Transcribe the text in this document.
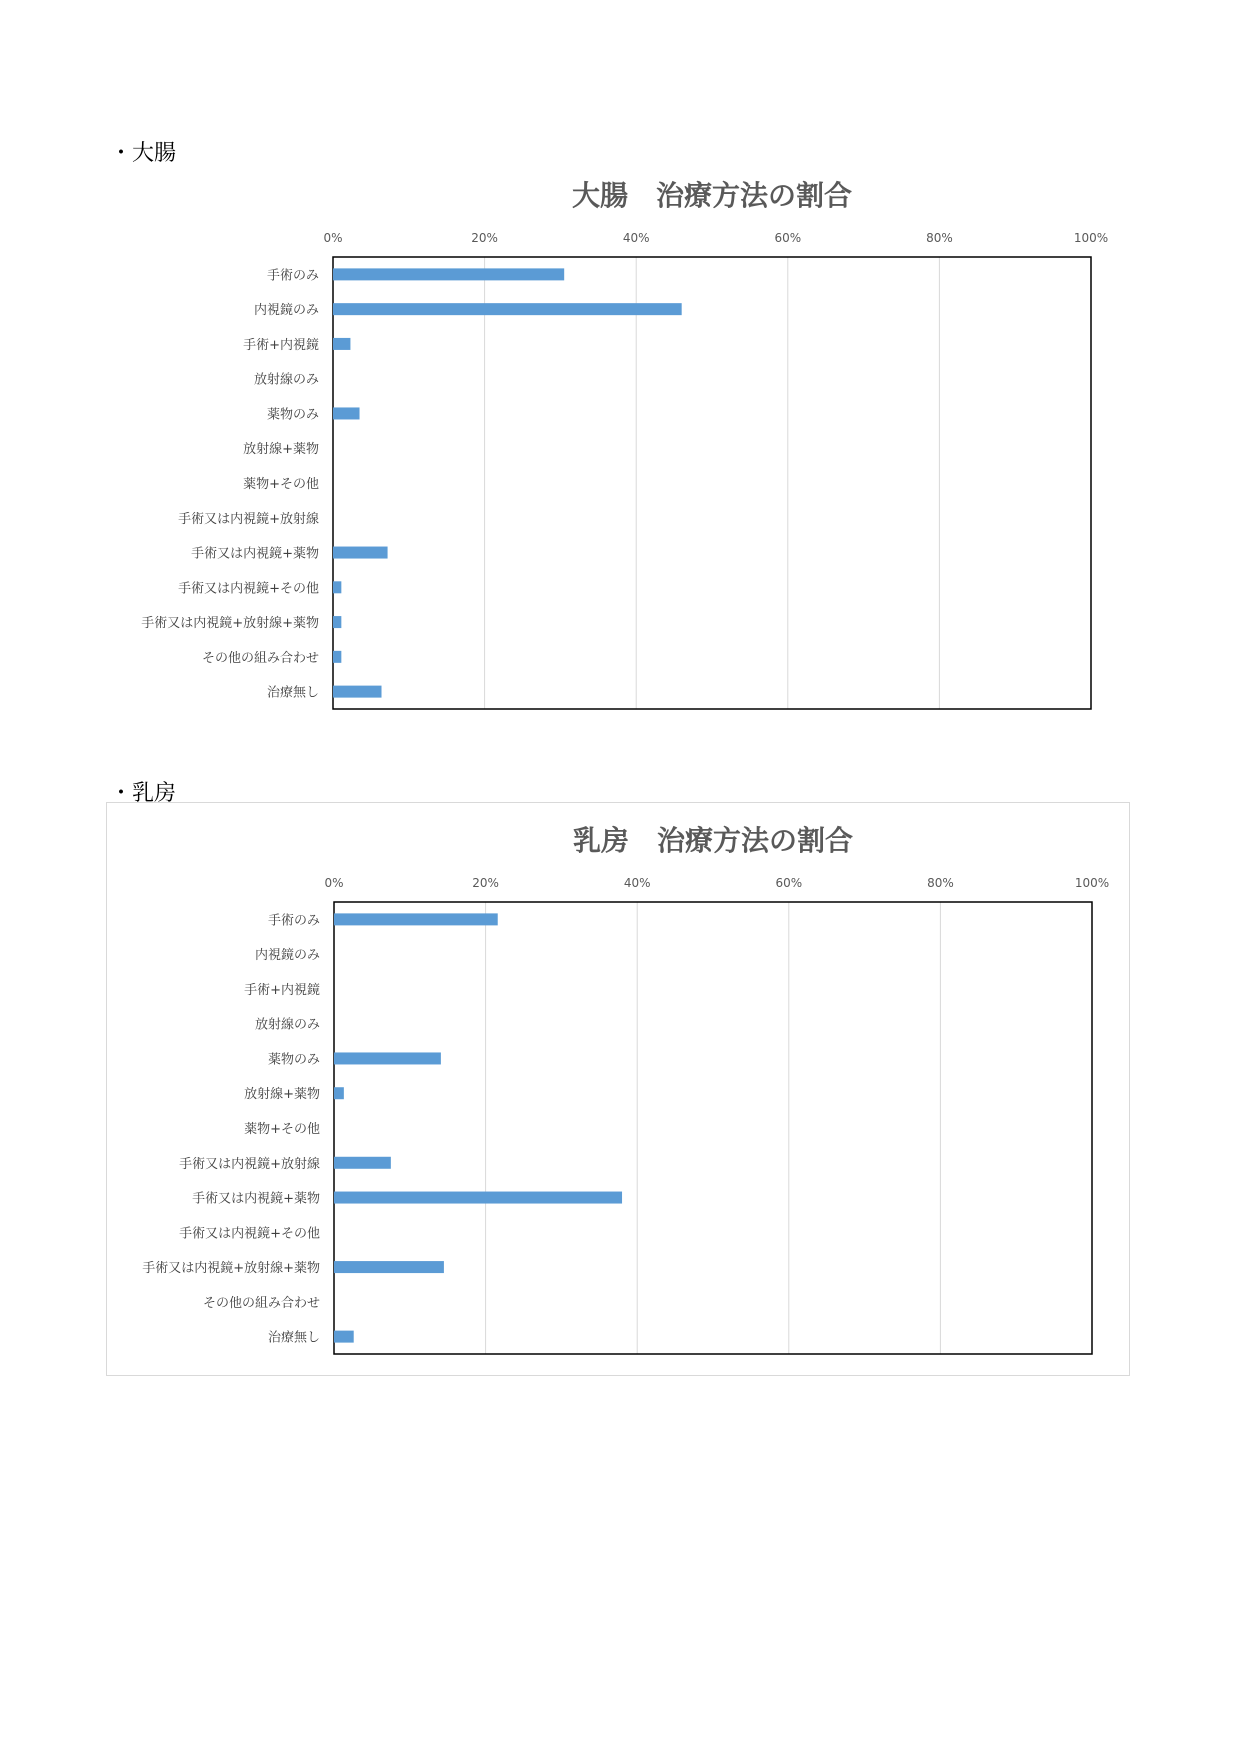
・大腸
大腸　治療方法の割合
0%	20%	40%	60%	80%	100%
手術のみ
内視鏡のみ
手術+内視鏡
放射線のみ
薬物のみ
放射線+薬物
薬物+その他
手術又は内視鏡+放射線
手術又は内視鏡+薬物
手術又は内視鏡+その他
手術又は内視鏡+放射線+薬物
その他の組み合わせ
治療無し
・乳房
乳房　治療方法の割合
0%	20%	40%	60%	80%	100%
手術のみ
内視鏡のみ
手術+内視鏡
放射線のみ
薬物のみ
放射線+薬物
薬物+その他
手術又は内視鏡+放射線
手術又は内視鏡+薬物
手術又は内視鏡+その他
手術又は内視鏡+放射線+薬物
その他の組み合わせ
治療無し
